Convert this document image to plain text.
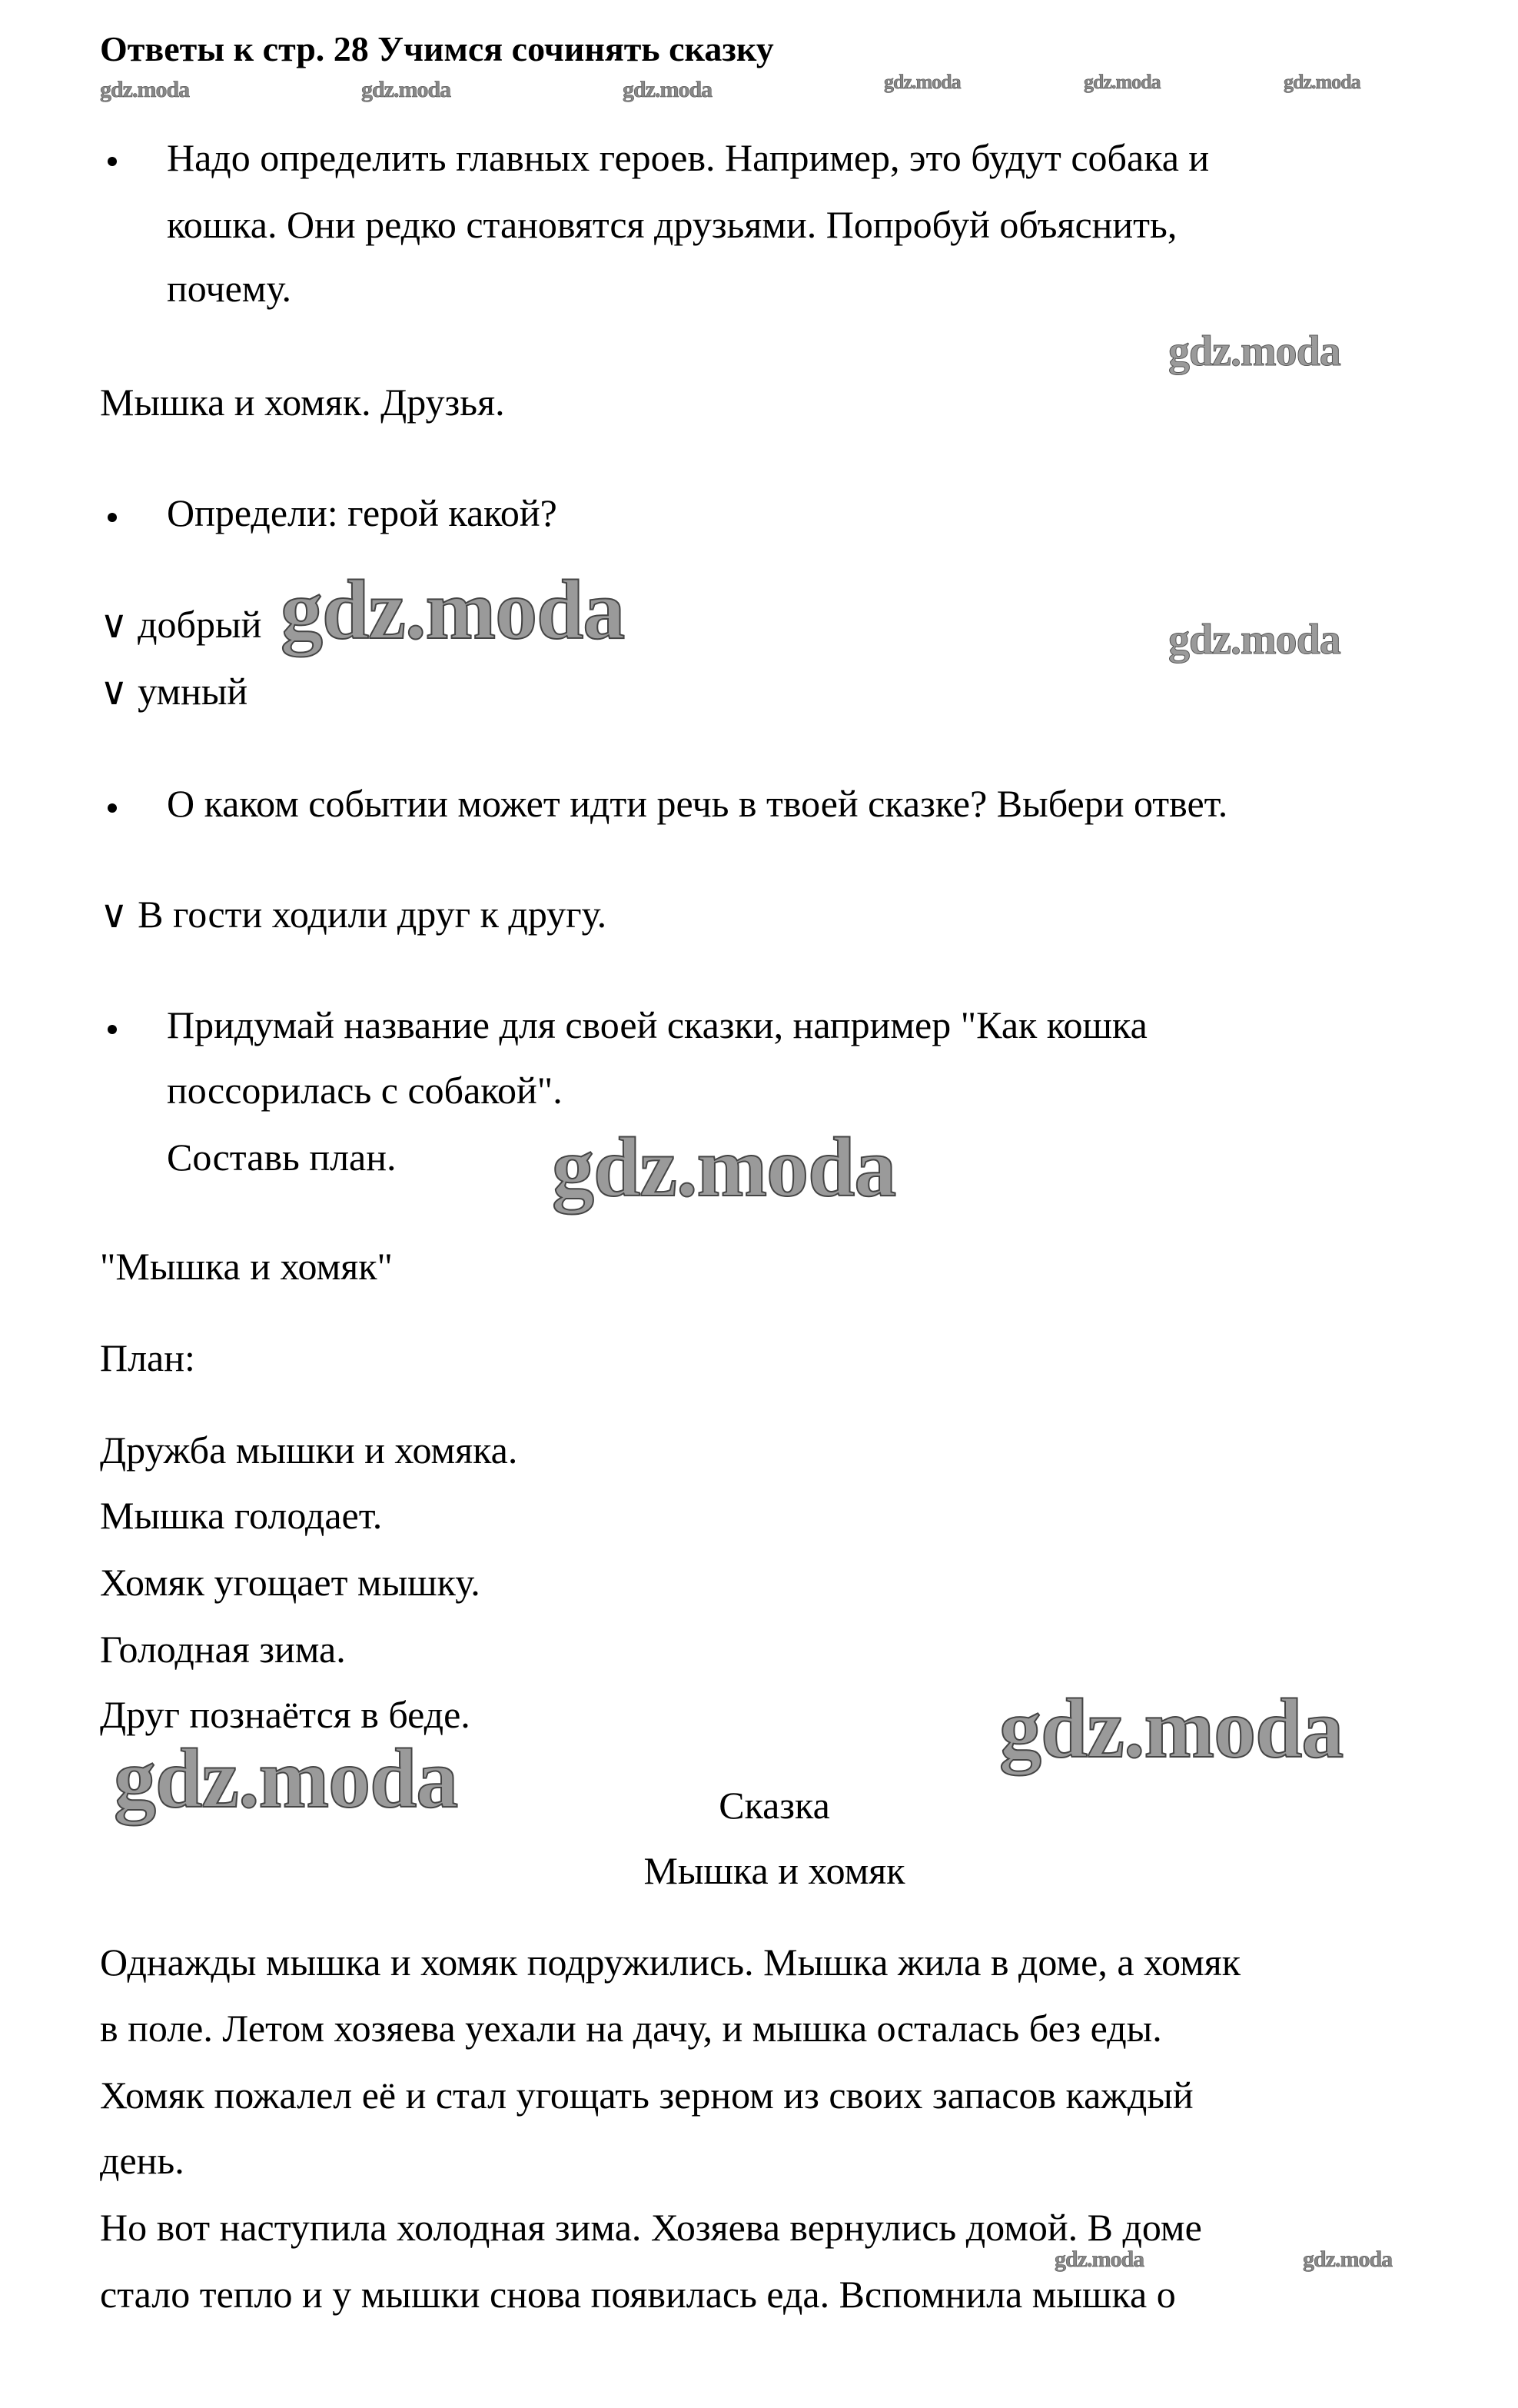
Ответы к стр. 28 Учимся сочинять сказку
gdz.moda	gdz.moda	gdz.moda	gdz.moda	gdz.moda	gdz.moda
Надо определить главных героев. Например, это будут собака и
кошка. Они редко становятся друзьями. Попробуй объяснить,
почему.
gdz.moda
Мышка и хомяк. Друзья.
Определи: герой какой?
∨ добрый gdz.moda	gdz.moda
∨ умный
О каком событии может идти речь в твоей сказке? Выбери ответ.
∨ В гости ходили друг к другу.
Придумай название для своей сказки, например "Как кошка
поссорилась с собакой".
Составь план. gdz.moda
"Мышка и хомяк"
План:
Дружба мышки и хомяка.
Мышка голодает.
Хомяк угощает мышку.
Голодная зима.
Друг познаётся в беде.	gdz.moda
gdz.moda	Сказка
Мышка и хомяк
Однажды мышка и хомяк подружились. Мышка жила в доме, а хомяк
в поле. Летом хозяева уехали на дачу, и мышка осталась без еды.
Хомяк пожалел её и стал угощать зерном из своих запасов каждый
день.
Но вот наступила холодная зима. Хозяева вернулись домой. В доме
gdz.moda	gdz.moda
стало тепло и у мышки снова появилась еда. Вспомнила мышка о
